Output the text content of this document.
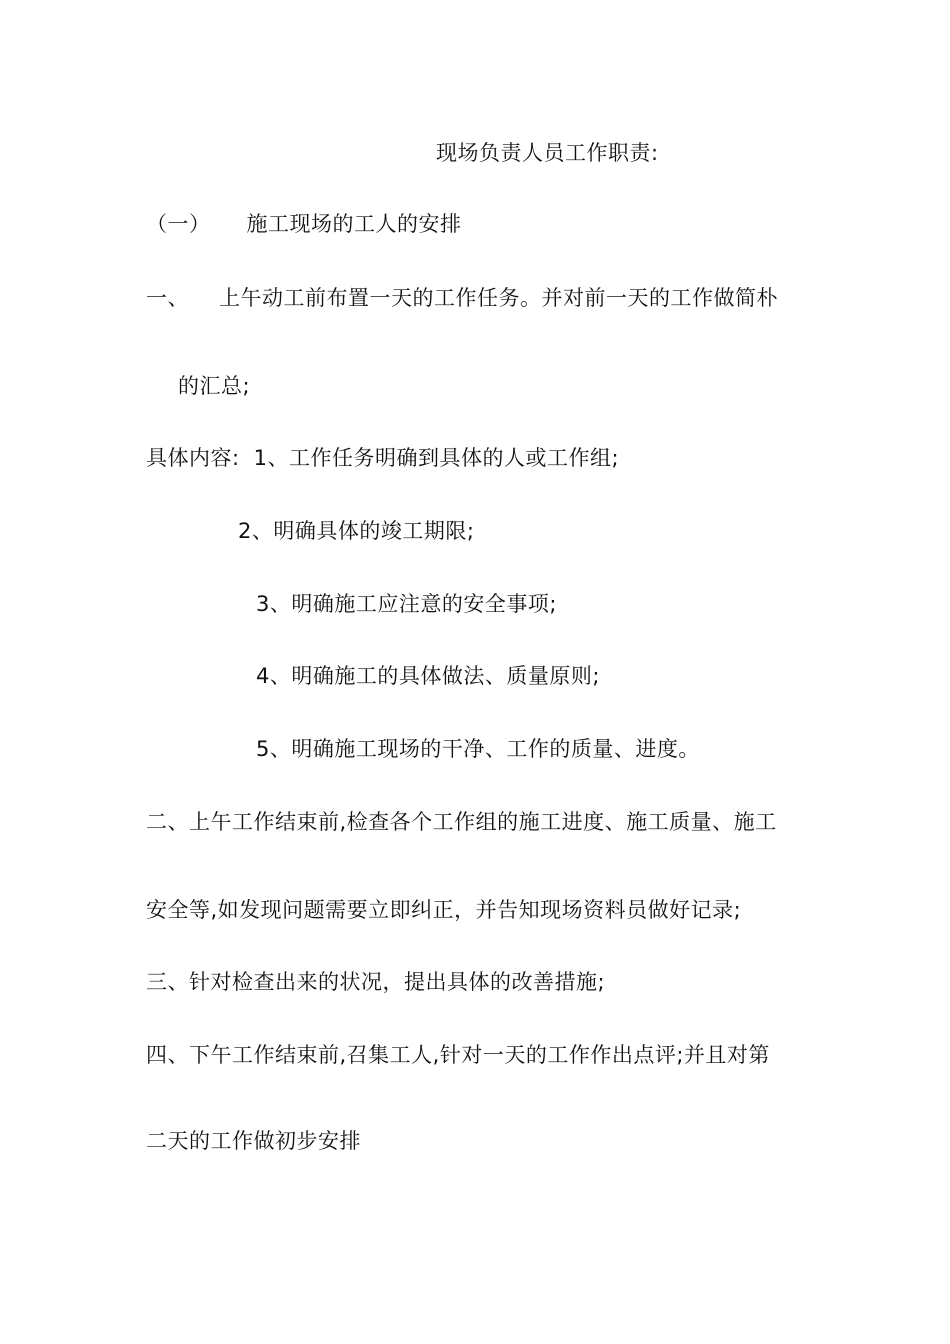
现场负责人员工作职责:
（一） 施工现场的工人的安排
一、 上午动工前布置一天的工作任务。并对前一天的工作做简朴
的汇总;
具体内容: 1、工作任务明确到具体的人或工作组;
2、明确具体的竣工期限;
3、明确施工应注意的安全事项;
4、明确施工的具体做法、质量原则;
5、明确施工现场的干净、工作的质量、进度。
二、上午工作结束前,检查各个工作组的施工进度、施工质量、施工
安全等,如发现问题需要立即纠正，并告知现场资料员做好记录;
三、针对检查出来的状况，提出具体的改善措施;
四、下午工作结束前,召集工人,针对一天的工作作出点评;并且对第
二天的工作做初步安排
